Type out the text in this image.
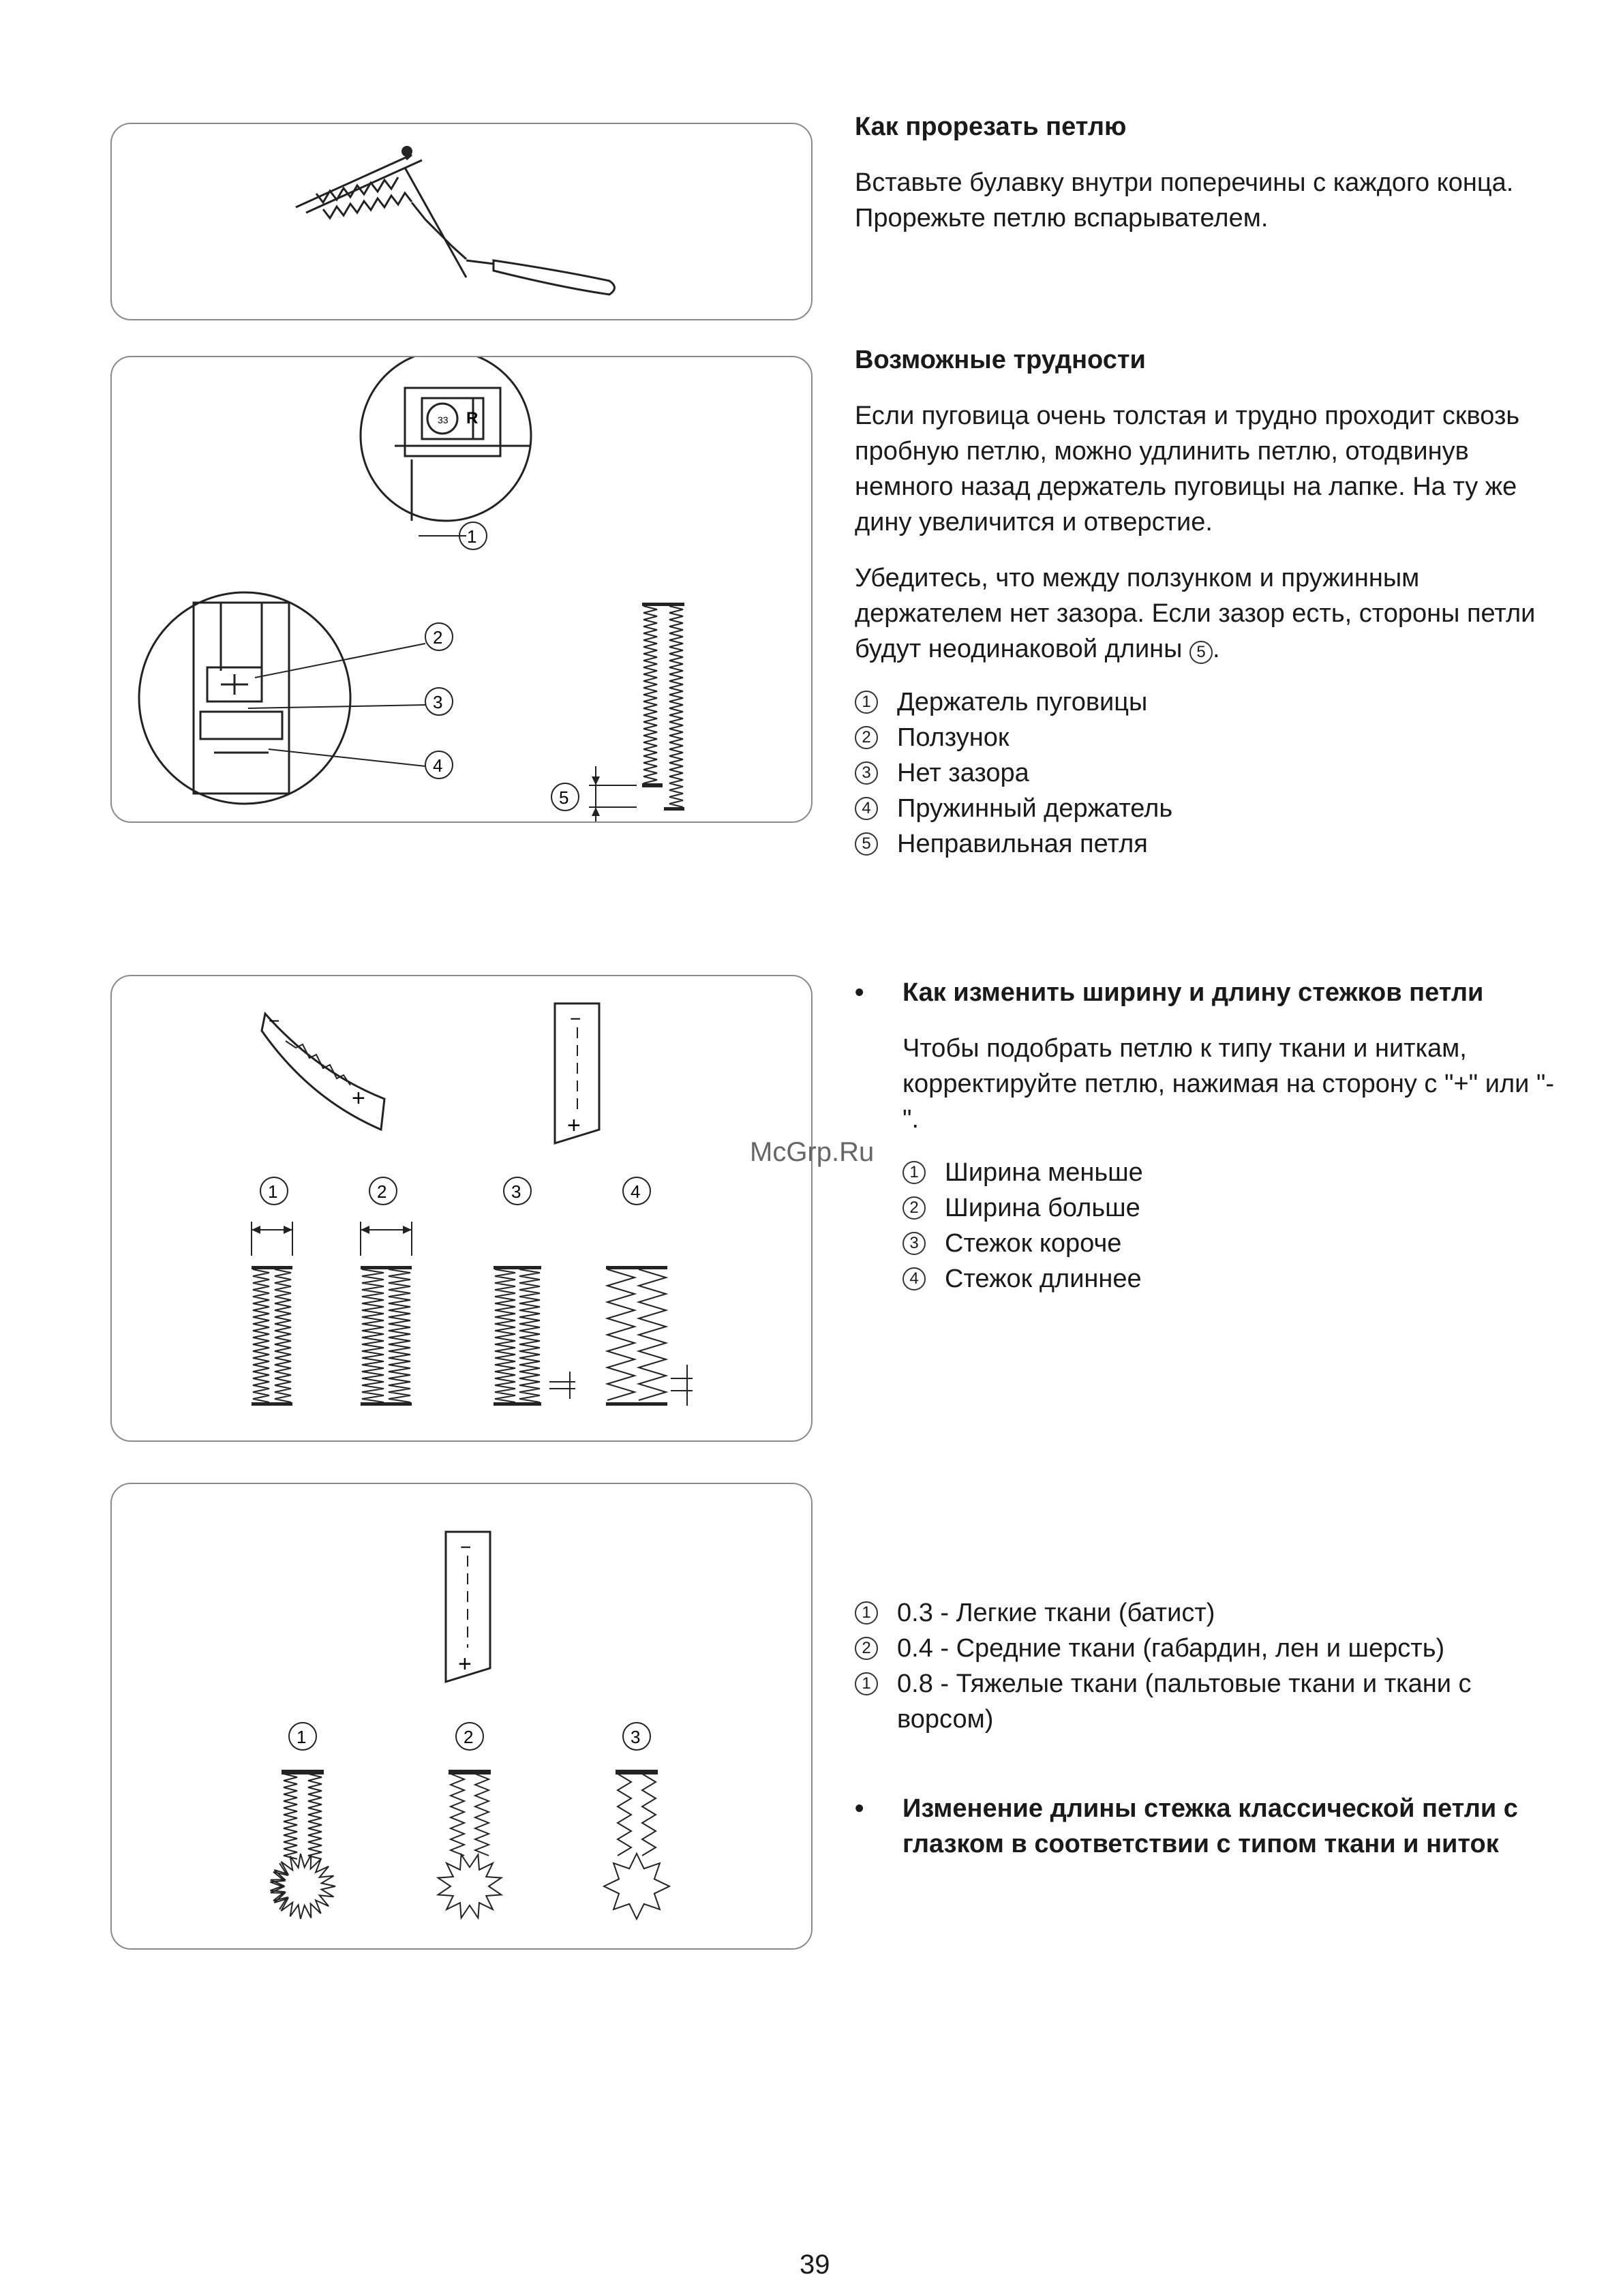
33 R
1
2
3
4
5
−
+
−
+
1	2	3	4
−
+
1	2	3

Как прорезать петлю

Вставьте булавку внутри поперечины с каждого конца. Прорежьте петлю вспарывателем.

Возможные трудности

Если пуговица очень толстая и трудно проходит сквозь пробную петлю, можно удлинить петлю, отодвинув немного назад держатель пуговицы на лапке. На ту же дину увеличится и отверстие.

Убедитесь, что между ползунком и пружинным держателем нет зазора. Если зазор есть, стороны петли будут неодинаковой длины 5 .

1 Держатель пуговицы
2 Ползунок
3 Нет зазора
4 Пружинный держатель
5 Неправильная петля
• Как изменить ширину и длину стежков петли

Чтобы подобрать петлю к типу ткани и ниткам, корректируйте петлю, нажимая на сторону с "+" или "-".

1 Ширина меньше
2 Ширина больше
3 Стежок короче
4 Стежок длиннее
• Изменение длины стежка классической петли с глазком в соответствии с типом ткани и ниток

1 0.3 - Легкие ткани (батист)
2 0.4 - Средние ткани (габардин, лен и шерсть)
1 0.8 - Тяжелые ткани (пальтовые ткани и ткани с ворсом)
McGrp.Ru
39
